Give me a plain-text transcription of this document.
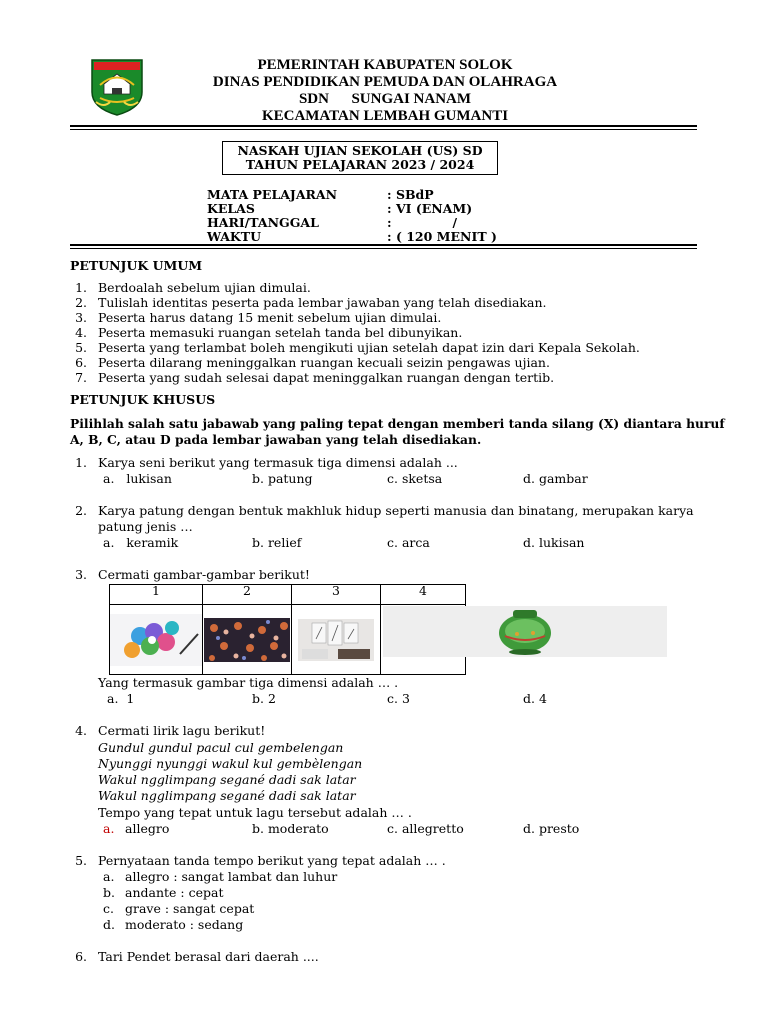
PEMERINTAH KABUPATEN SOLOK
DINAS PENDIDIKAN PEMUDA DAN OLAHRAGA
SDN SUNGAI NANAM
KECAMATAN LEMBAH GUMANTI
NASKAH UJIAN SEKOLAH (US) SD
TAHUN PELAJARAN 2023 / 2024
MATA PELAJARAN	: SBdP
KELAS	: VI (ENAM)
HARI/TANGGAL	:              /
WAKTU	: ( 120 MENIT )
PETUNJUK UMUM
1. Berdoalah sebelum ujian dimulai.
2. Tulislah identitas peserta pada lembar jawaban yang telah disediakan.
3. Peserta harus datang 15 menit sebelum ujian dimulai.
4. Peserta memasuki ruangan setelah tanda bel dibunyikan.
5. Peserta yang terlambat boleh mengikuti ujian setelah dapat izin dari Kepala Sekolah.
6. Peserta dilarang meninggalkan ruangan kecuali seizin pengawas ujian.
7. Peserta yang sudah selesai dapat meninggalkan ruangan dengan tertib.
PETUNJUK KHUSUS
Pilihlah salah satu jabawab yang paling tepat dengan memberi tanda silang (X) diantara huruf
A, B, C, atau D pada lembar jawaban yang telah disediakan.
1. Karya seni berikut yang termasuk tiga dimensi adalah ...
a.   lukisan	b. patung	c. sketsa	d. gambar
2. Karya patung dengan bentuk makhluk hidup seperti manusia dan binatang, merupakan karya
patung jenis …
a.   keramik	b. relief	c. arca	d. lukisan
3. Cermati gambar-gambar berikut!
1	2	3	4

Yang termasuk gambar tiga dimensi adalah … .
a.  1	b. 2	c. 3	d. 4
4. Cermati lirik lagu berikut!
Gundul gundul pacul cul gembelengan
Nyunggi nyunggi wakul kul gembèlengan
Wakul ngglimpang segané dadi sak latar
Wakul ngglimpang segané dadi sak latar
Tempo yang tepat untuk lagu tersebut adalah … .
a. allegro	b. moderato	c. allegretto	d. presto
5. Pernyataan tanda tempo berikut yang tepat adalah … .
a. allegro : sangat lambat dan luhur
b. andante : cepat
c. grave : sangat cepat
d. moderato : sedang
6. Tari Pendet berasal dari daerah ....
